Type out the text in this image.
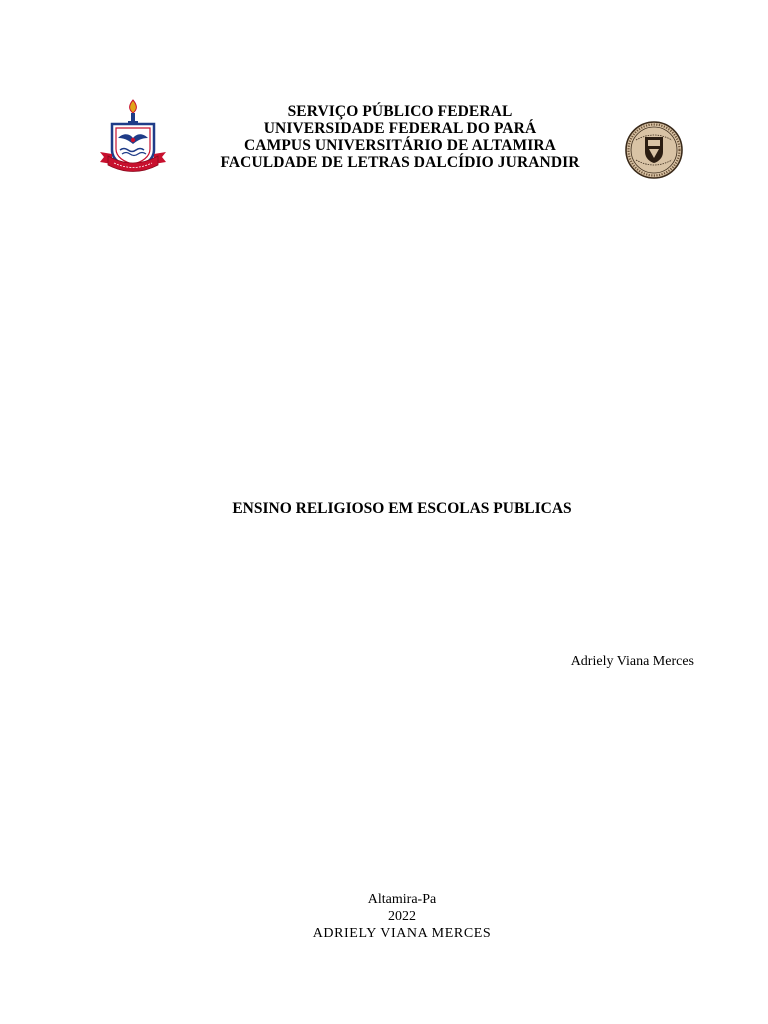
SERVIÇO PÚBLICO FEDERAL
UNIVERSIDADE FEDERAL DO PARÁ
CAMPUS UNIVERSITÁRIO DE ALTAMIRA
FACULDADE DE LETRAS DALCÍDIO JURANDIR
ENSINO RELIGIOSO EM ESCOLAS PUBLICAS
Adriely Viana Merces
Altamira-Pa
2022
ADRIELY VIANA MERCES
